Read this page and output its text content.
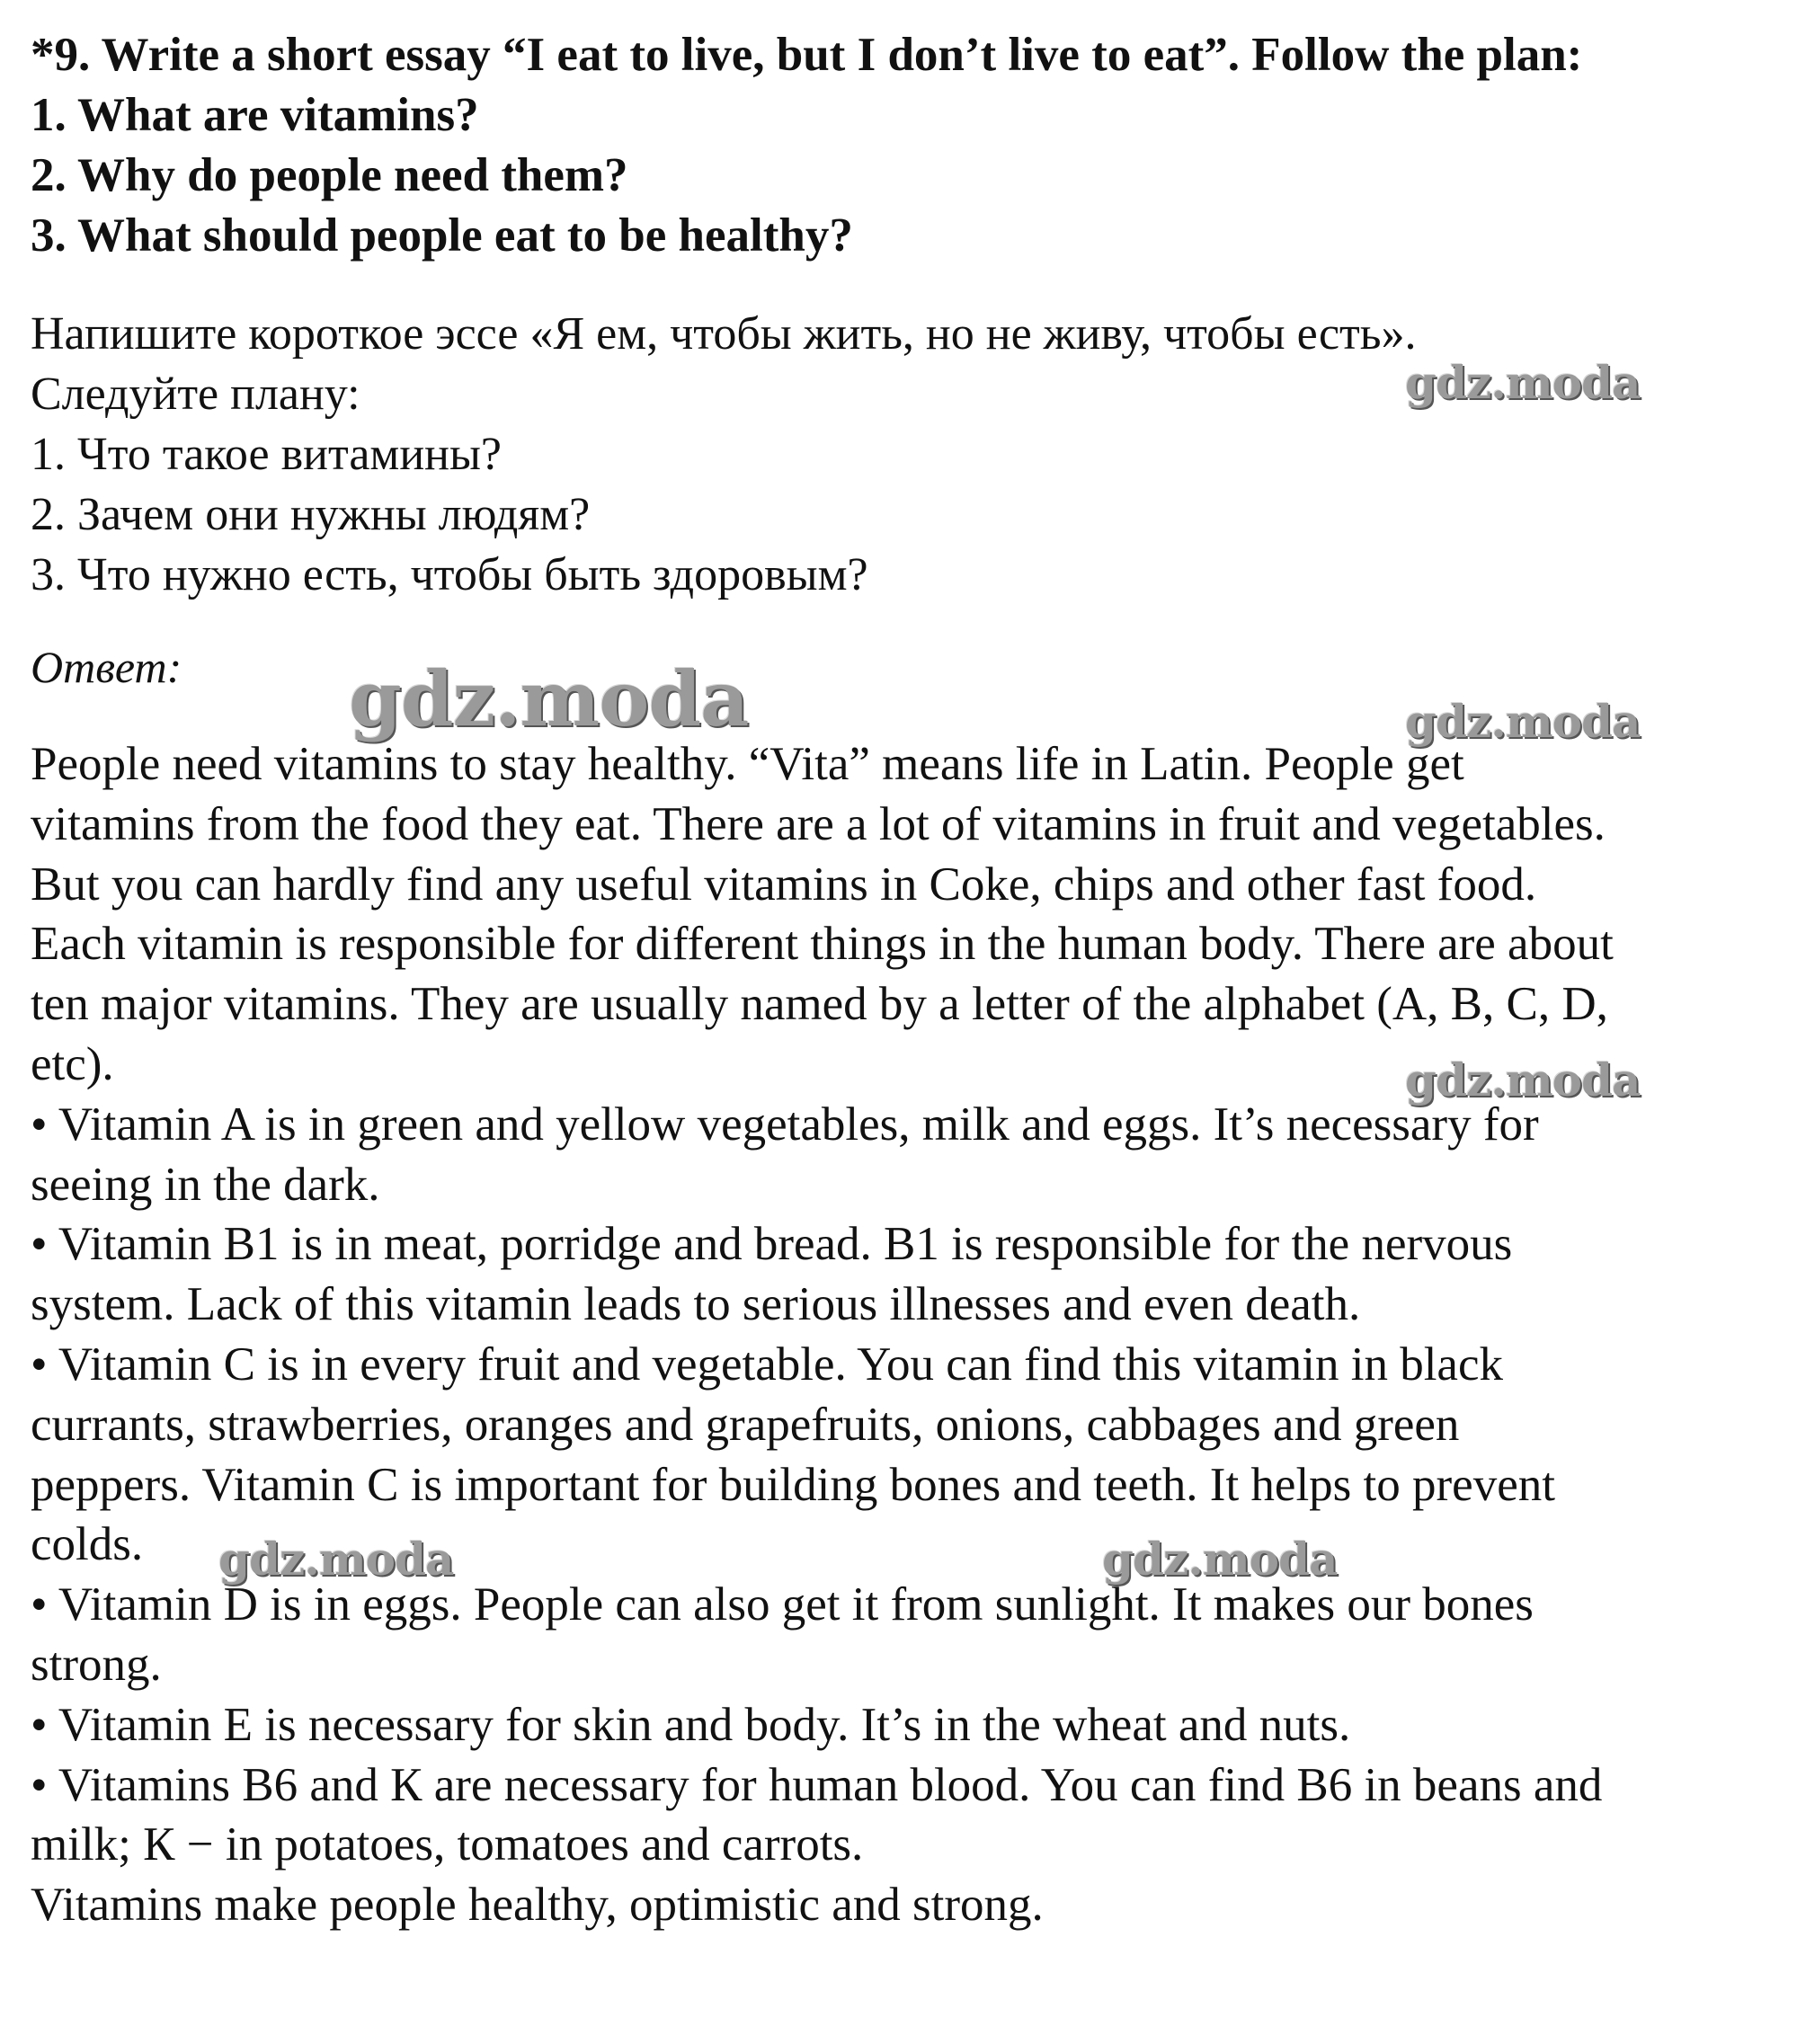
*9. Write a short essay “I eat to live, but I don’t live to eat”. Follow the plan:
1. What are vitamins?
2. Why do people need them?
3. What should people eat to be healthy?
Напишите короткое эссе «Я ем, чтобы жить, но не живу, чтобы есть».
Следуйте плану:
1. Что такое витамины?
2. Зачем они нужны людям?
3. Что нужно есть, чтобы быть здоровым?
Ответ:
People need vitamins to stay healthy. “Vita” means life in Latin. People get
vitamins from the food they eat. There are a lot of vitamins in fruit and vegetables.
But you can hardly find any useful vitamins in Coke, chips and other fast food.
Each vitamin is responsible for different things in the human body. There are about
ten major vitamins. They are usually named by a letter of the alphabet (A, B, C, D,
etc).
• Vitamin A is in green and yellow vegetables, milk and eggs. It’s necessary for
seeing in the dark.
• Vitamin B1 is in meat, porridge and bread. B1 is responsible for the nervous
system. Lack of this vitamin leads to serious illnesses and even death.
• Vitamin C is in every fruit and vegetable. You can find this vitamin in black
currants, strawberries, oranges and grapefruits, onions, cabbages and green
peppers. Vitamin C is important for building bones and teeth. It helps to prevent
colds.
• Vitamin D is in eggs. People can also get it from sunlight. It makes our bones
strong.
• Vitamin E is necessary for skin and body. It’s in the wheat and nuts.
• Vitamins B6 and К are necessary for human blood. You can find B6 in beans and
milk; К − in potatoes, tomatoes and carrots.
Vitamins make people healthy, optimistic and strong.
gdz.moda
gdz.moda	gdz.moda
gdz.moda
gdz.moda	gdz.moda
